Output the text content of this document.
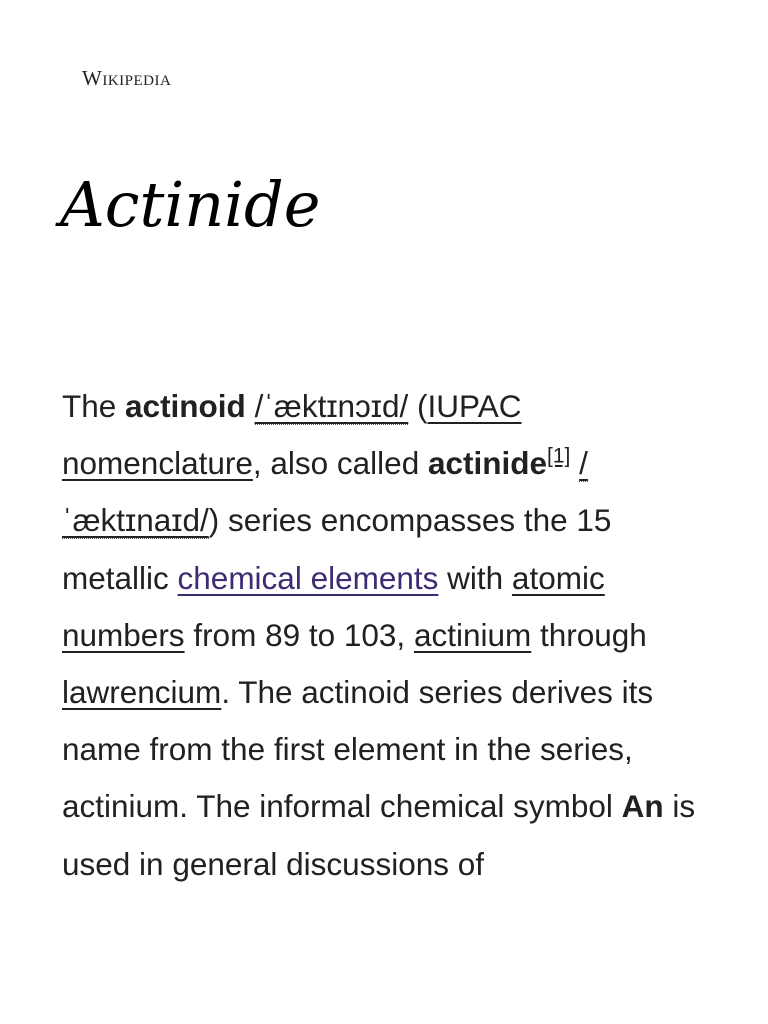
Wikipedia
Actinide

The actinoid /ˈæktɪnɔɪd/ (IUPAC nomenclature, also called actinide[1] /ˈæktɪnaɪd/) series encompasses the 15 metallic chemical elements with atomic numbers from 89 to 103, actinium through lawrencium. The actinoid series derives its name from the first element in the series, actinium. The informal chemical symbol An is used in general discussions of
